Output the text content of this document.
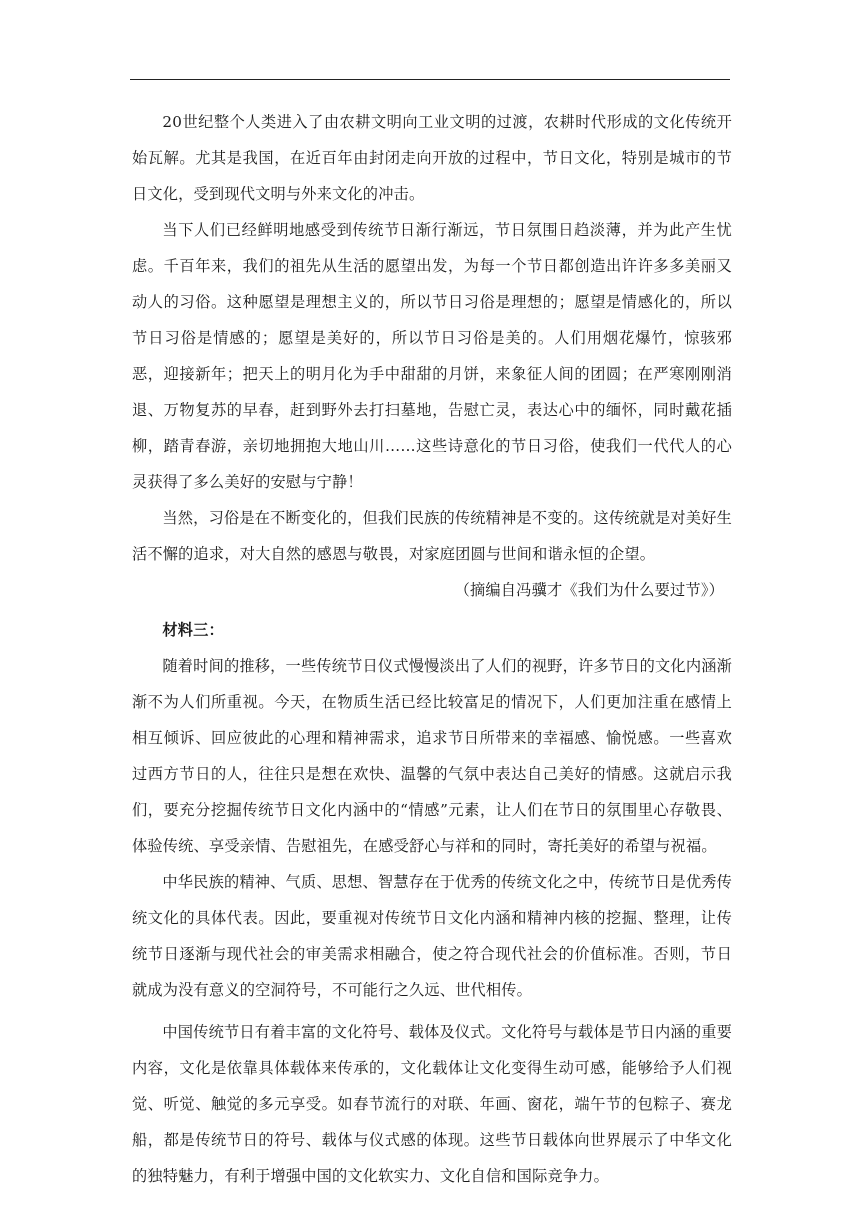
20世纪整个人类进入了由农耕文明向工业文明的过渡，农耕时代形成的文化传统开始瓦解。尤其是我国，在近百年由封闭走向开放的过程中，节日文化，特别是城市的节日文化，受到现代文明与外来文化的冲击。

当下人们已经鲜明地感受到传统节日渐行渐远，节日氛围日趋淡薄，并为此产生忧虑。千百年来，我们的祖先从生活的愿望出发，为每一个节日都创造出许许多多美丽又动人的习俗。这种愿望是理想主义的，所以节日习俗是理想的；愿望是情感化的，所以节日习俗是情感的；愿望是美好的，所以节日习俗是美的。人们用烟花爆竹，惊骇邪恶，迎接新年；把天上的明月化为手中甜甜的月饼，来象征人间的团圆；在严寒刚刚消退、万物复苏的早春，赶到野外去打扫墓地，告慰亡灵，表达心中的缅怀，同时戴花插柳，踏青春游，亲切地拥抱大地山川……这些诗意化的节日习俗，使我们一代代人的心灵获得了多么美好的安慰与宁静！

当然，习俗是在不断变化的，但我们民族的传统精神是不变的。这传统就是对美好生活不懈的追求，对大自然的感恩与敬畏，对家庭团圆与世间和谐永恒的企望。

（摘编自冯骥才《我们为什么要过节》）

材料三：

随着时间的推移，一些传统节日仪式慢慢淡出了人们的视野，许多节日的文化内涵渐渐不为人们所重视。今天，在物质生活已经比较富足的情况下，人们更加注重在感情上相互倾诉、回应彼此的心理和精神需求，追求节日所带来的幸福感、愉悦感。一些喜欢过西方节日的人，往往只是想在欢快、温馨的气氛中表达自己美好的情感。这就启示我们，要充分挖掘传统节日文化内涵中的“情感”元素，让人们在节日的氛围里心存敬畏、体验传统、享受亲情、告慰祖先，在感受舒心与祥和的同时，寄托美好的希望与祝福。

中华民族的精神、气质、思想、智慧存在于优秀的传统文化之中，传统节日是优秀传统文化的具体代表。因此，要重视对传统节日文化内涵和精神内核的挖掘、整理，让传统节日逐渐与现代社会的审美需求相融合，使之符合现代社会的价值标准。否则，节日就成为没有意义的空洞符号，不可能行之久远、世代相传。

中国传统节日有着丰富的文化符号、载体及仪式。文化符号与载体是节日内涵的重要内容，文化是依靠具体载体来传承的，文化载体让文化变得生动可感，能够给予人们视觉、听觉、触觉的多元享受。如春节流行的对联、年画、窗花，端午节的包粽子、赛龙船，都是传统节日的符号、载体与仪式感的体现。这些节日载体向世界展示了中华文化的独特魅力，有利于增强中国的文化软实力、文化自信和国际竞争力。
